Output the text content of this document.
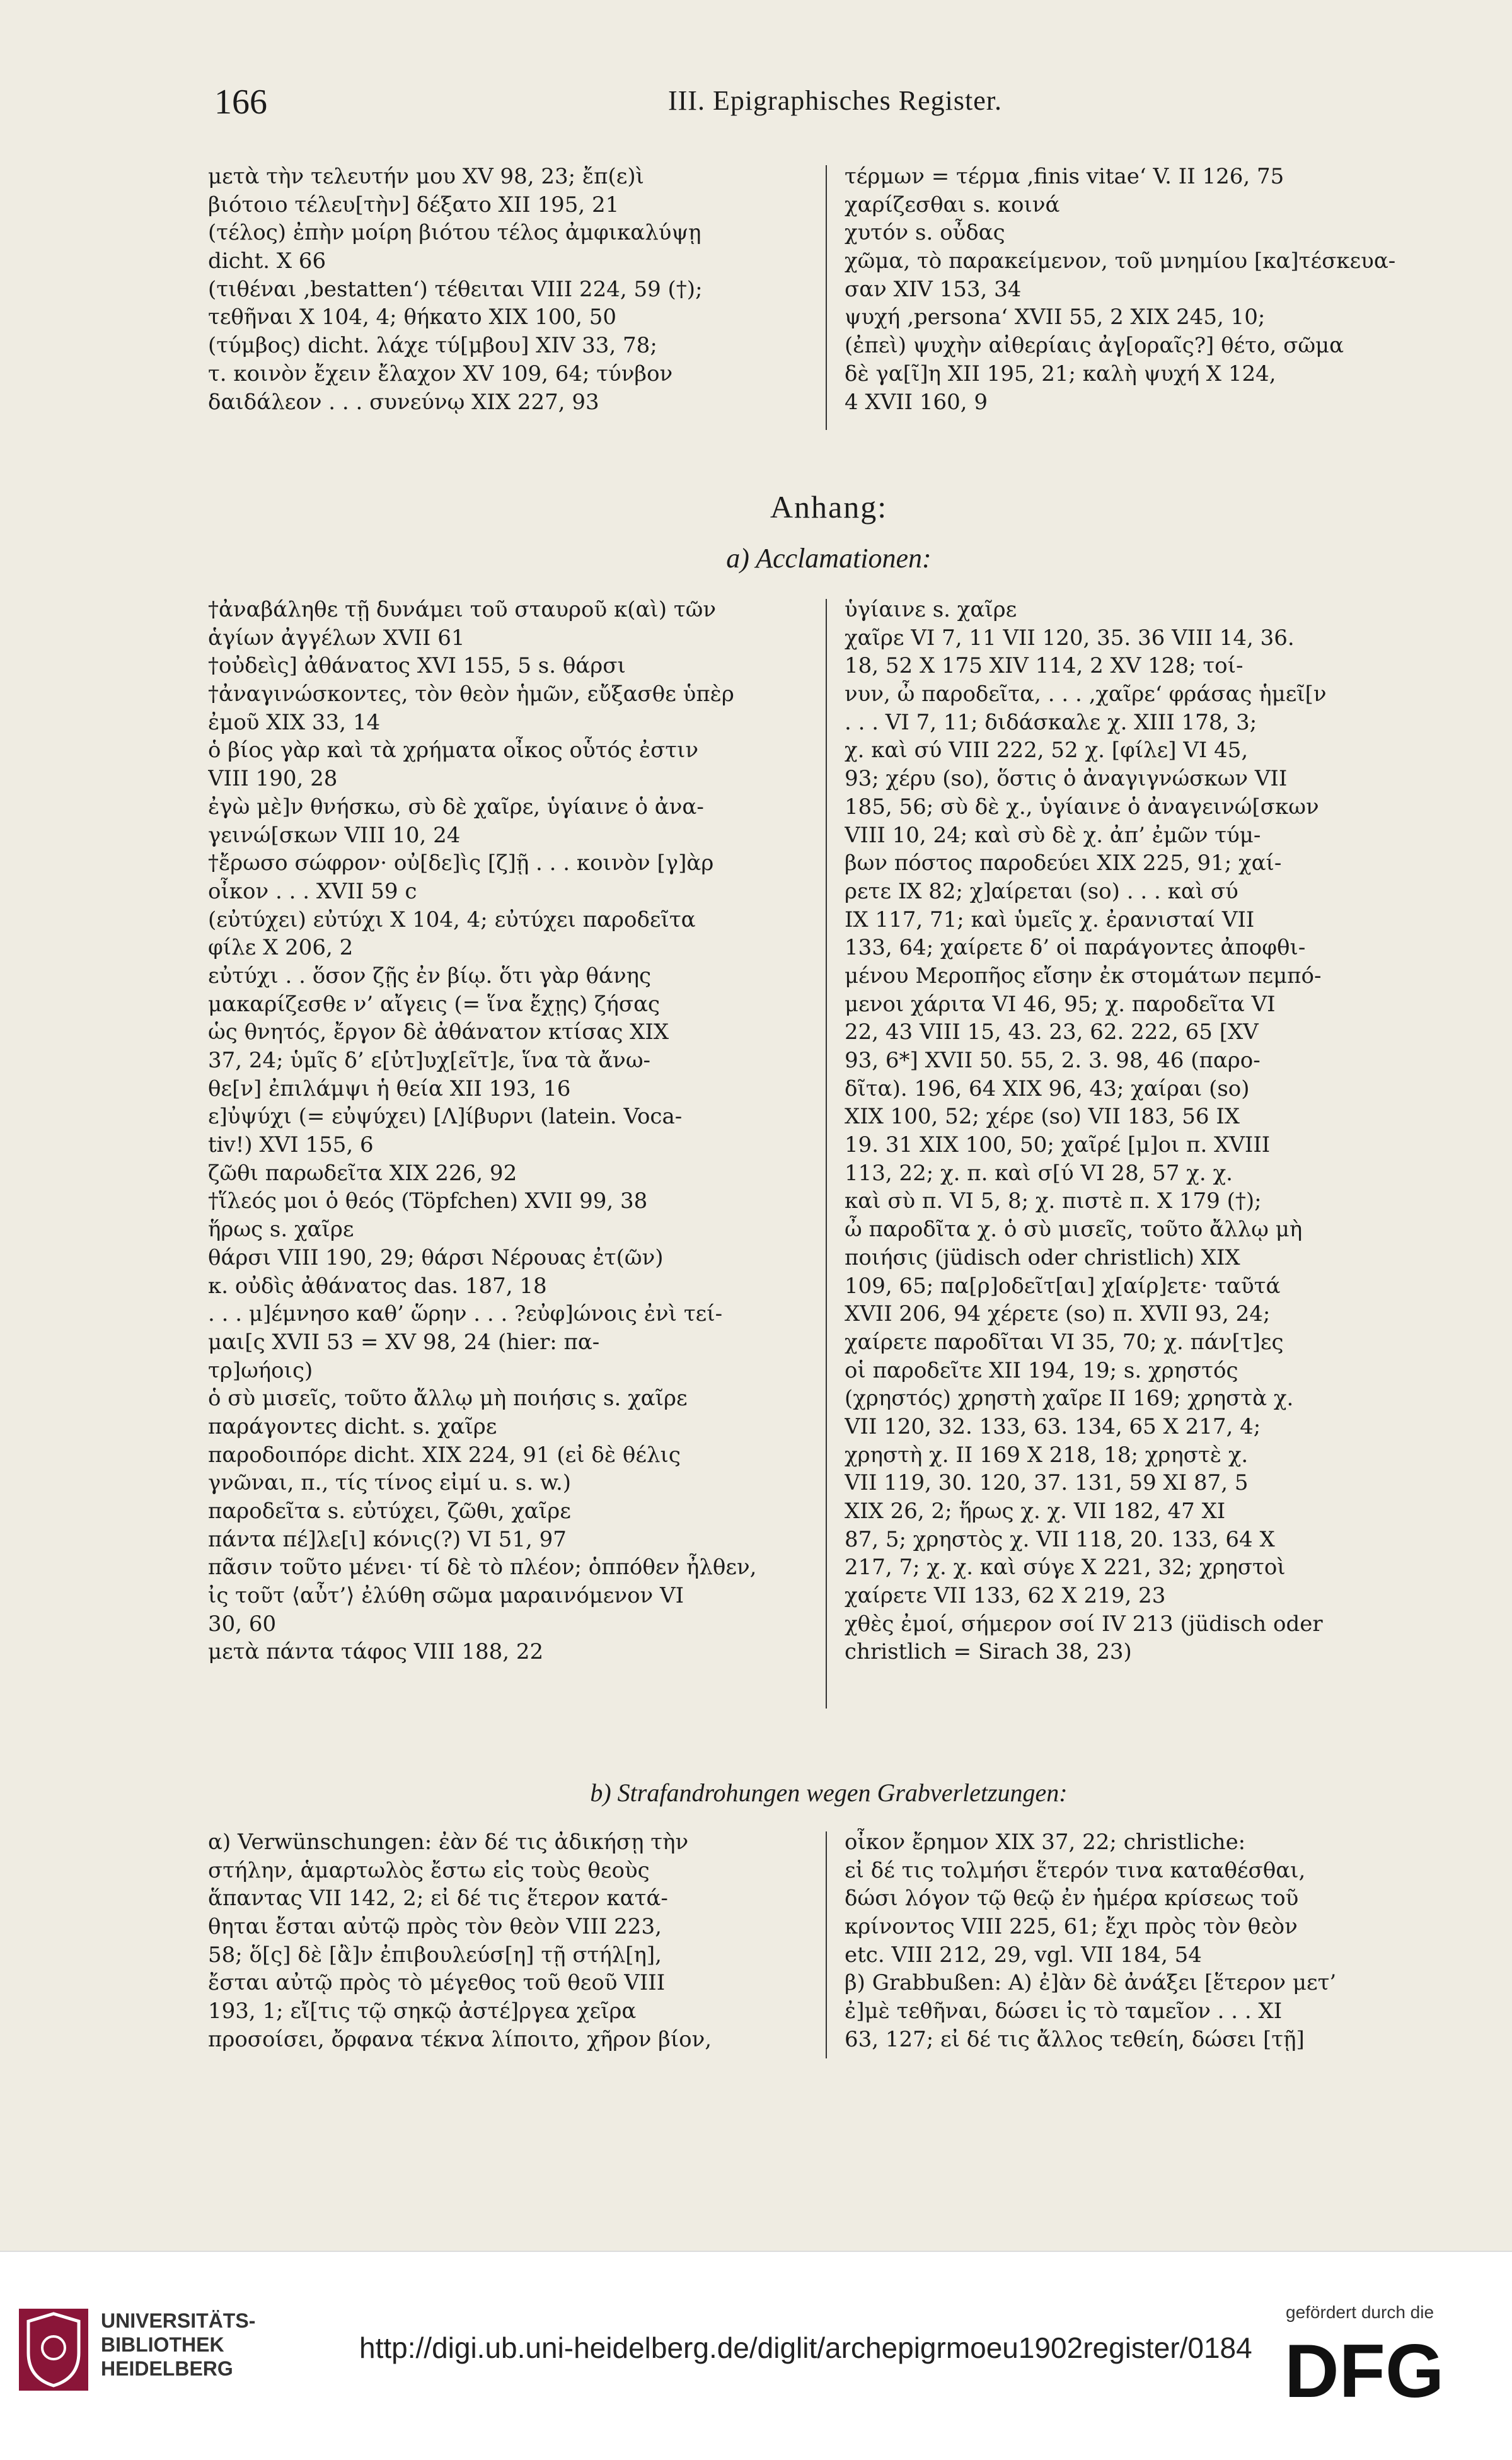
166	III. Epigraphisches Register.
μετὰ τὴν τελευτήν μου XV 98, 23; ἔπ(ε)ὶ
βιότοιο τέλευ[τὴν] δέξατο XII 195, 21
(τέλος) ἐπὴν μοίρη βιότου τέλος ἀμφικαλύψῃ
dicht. X 66
(τιθέναι ‚bestatten‘) τέθειται VIII 224, 59 (†);
τεθῆναι X 104, 4; θήκατο XIX 100, 50
(τύμβος) dicht. λάχε τύ[μβου] XIV 33, 78;
τ. κοινὸν ἔχειν ἔλαχον XV 109, 64; τύνβον
δαιδάλεον . . . συνεύνῳ XIX 227, 93
τέρμων = τέρμα ‚finis vitae‘ V. II 126, 75
χαρίζεσθαι s. κοινά
χυτόν s. οὖδας
χῶμα, τὸ παρακείμενον, τοῦ μνημίου [κα]τέσκευα-
σαν XIV 153, 34
ψυχή ‚persona‘ XVII 55, 2 XIX 245, 10;
(ἐπεὶ) ψυχὴν αἰθερίαις ἀγ[οραῖς?] θέτο, σῶμα
δὲ γα[ῖ]η XII 195, 21; καλὴ ψυχή X 124,
4 XVII 160, 9
Anhang:
a) Acclamationen:
†ἀναβάληθε τῇ δυνάμει τοῦ σταυροῦ κ(αὶ) τῶν
ἁγίων ἀγγέλων XVII 61
†οὐδεὶς] ἀθάνατος XVI 155, 5 s. θάρσι
†ἀναγινώσκοντες, τὸν θεὸν ἡμῶν, εὔξασθε ὑπὲρ
ἐμοῦ XIX 33, 14
ὁ βίος γὰρ καὶ τὰ χρήματα οἶκος οὗτός ἐστιν
VIII 190, 28
ἐγὼ μὲ]ν θνήσκω, σὺ δὲ χαῖρε, ὑγίαινε ὁ ἀνα-
γεινώ[σκων VIII 10, 24
†ἔρωσο σώφρον· οὐ[δε]ὶς [ζ]ῇ . . . κοινὸν [γ]ὰρ
οἶκον . . . XVII 59 c
(εὐτύχει) εὐτύχι X 104, 4; εὐτύχει παροδεῖτα
φίλε X 206, 2
εὐτύχι . . ὅσον ζῇς ἐν βίῳ. ὅτι γὰρ θάνης
μακαρίζεσθε ν’ αἴγεις (= ἵνα ἔχῃς) ζήσας
ὡς θνητός, ἔργον δὲ ἀθάνατον κτίσας XIX
37, 24; ὑμῖς δ’ ε[ὐτ]υχ[εῖτ]ε, ἵνα τὰ ἄνω-
θε[ν] ἐπιλάμψι ἡ θεία XII 193, 16
ε]ὐψύχι (= εὐψύχει) [Λ]ίβυρνι (latein. Voca-
tiv!) XVI 155, 6
ζῶθι παρωδεῖτα XIX 226, 92
†ἵλεός μοι ὁ θεός (Töpfchen) XVII 99, 38
ἥρως s. χαῖρε
θάρσι VIII 190, 29; θάρσι Νέρουας ἐτ(ῶν)
κ. οὐδὶς ἀθάνατος das. 187, 18
. . . μ]έμνησο καθ’ ὥρην . . . ?εὐφ]ώνοις ἐνὶ τεί-
μαι[ς XVII 53 = XV 98, 24 (hier: πα-
τρ]ωήοις)
ὁ σὺ μισεῖς, τοῦτο ἄλλῳ μὴ ποιήσις s. χαῖρε
παράγοντες dicht. s. χαῖρε
παροδοιπόρε dicht. XIX 224, 91 (εἰ δὲ θέλις
γνῶναι, π., τίς τίνος εἰμί u. s. w.)
παροδεῖτα s. εὐτύχει, ζῶθι, χαῖρε
πάντα πέ]λε[ι] κόνις(?) VI 51, 97
πᾶσιν τοῦτο μένει· τί δὲ τὸ πλέον; ὁππόθεν ἦλθεν,
ἰς τοῦτ ⟨αὖτ’⟩ ἐλύθη σῶμα μαραινόμενον VI
30, 60
μετὰ πάντα τάφος VIII 188, 22
ὑγίαινε s. χαῖρε
χαῖρε VI 7, 11 VII 120, 35. 36 VIII 14, 36.
18, 52 X 175 XIV 114, 2 XV 128; τοί-
νυν, ὦ παροδεῖτα, . . . ‚χαῖρε‘ φράσας ἡμεῖ[ν
. . . VI 7, 11; διδάσκαλε χ. XIII 178, 3;
χ. καὶ σύ VIII 222, 52 χ. [φίλε] VI 45,
93; χέρυ (so), ὅστις ὁ ἀναγιγνώσκων VII
185, 56; σὺ δὲ χ., ὑγίαινε ὁ ἀναγεινώ[σκων
VIII 10, 24; καὶ σὺ δὲ χ. ἀπ’ ἐμῶν τύμ-
βων πόστος παροδεύει XIX 225, 91; χαί-
ρετε IX 82; χ]αίρεται (so) . . . καὶ σύ
IX 117, 71; καὶ ὑμεῖς χ. ἐρανισταί VII
133, 64; χαίρετε δ’ οἱ παράγοντες ἀποφθι-
μένου Μεροπῆος εἴσην ἐκ στομάτων πεμπό-
μενοι χάριτα VI 46, 95; χ. παροδεῖτα VI
22, 43 VIII 15, 43. 23, 62. 222, 65 [XV
93, 6*] XVII 50. 55, 2. 3. 98, 46 (παρο-
δῖτα). 196, 64 XIX 96, 43; χαίραι (so)
XIX 100, 52; χέρε (so) VII 183, 56 IX
19. 31 XIX 100, 50; χαῖρέ [μ]οι π. XVIII
113, 22; χ. π. καὶ σ[ύ VI 28, 57 χ. χ.
καὶ σὺ π. VI 5, 8; χ. πιστὲ π. X 179 (†);
ὦ παροδῖτα χ. ὁ σὺ μισεῖς, τοῦτο ἄλλῳ μὴ
ποιήσις (jüdisch oder christlich) XIX
109, 65; πα[ρ]οδεῖτ[αι] χ[αίρ]ετε· ταῦτά
XVII 206, 94 χέρετε (so) π. XVII 93, 24;
χαίρετε παροδῖται VI 35, 70; χ. πάν[τ]ες
οἱ παροδεῖτε XII 194, 19; s. χρηστός
(χρηστός) χρηστὴ χαῖρε II 169; χρηστὰ χ.
VII 120, 32. 133, 63. 134, 65 X 217, 4;
χρηστὴ χ. II 169 X 218, 18; χρηστὲ χ.
VII 119, 30. 120, 37. 131, 59 XI 87, 5
XIX 26, 2; ἥρως χ. χ. VII 182, 47 XI
87, 5; χρηστὸς χ. VII 118, 20. 133, 64 X
217, 7; χ. χ. καὶ σύγε X 221, 32; χρηστοὶ
χαίρετε VII 133, 62 X 219, 23
χθὲς ἐμοί, σήμερον σοί IV 213 (jüdisch oder
christlich = Sirach 38, 23)
b) Strafandrohungen wegen Grabverletzungen:
α) Verwünschungen: ἐὰν δέ τις ἀδικήσῃ τὴν
στήλην, ἁμαρτωλὸς ἔστω εἰς τοὺς θεοὺς
ἅπαντας VII 142, 2; εἰ δέ τις ἕτερον κατά-
θηται ἔσται αὐτῷ πρὸς τὸν θεὸν VIII 223,
58; ὅ[ς] δὲ [ἂ]ν ἐπιβουλεύσ[η] τῇ στήλ[η],
ἔσται αὐτῷ πρὸς τὸ μέγεθος τοῦ θεοῦ VIII
193, 1; εἴ[τις τῷ σηκῷ ἀστέ]ργεα χεῖρα
προσοίσει, ὄρφανα τέκνα λίποιτο, χῆρον βίον,
οἶκον ἔρημον XIX 37, 22; christliche:
εἰ δέ τις τολμήσι ἕτερόν τινα καταθέσθαι,
δώσι λόγον τῷ θεῷ ἐν ἡμέρα κρίσεως τοῦ
κρίνοντος VIII 225, 61; ἔχι πρὸς τὸν θεὸν
etc. VIII 212, 29, vgl. VII 184, 54
β) Grabbußen: A) ἐ]ὰν δὲ ἀνάξει [ἕτερον μετ’
ἐ]μὲ τεθῆναι, δώσει ἰς τὸ ταμεῖον . . . XI
63, 127; εἰ δέ τις ἄλλος τεθείη, δώσει [τῇ]
UNIVERSITÄTS-
BIBLIOTHEK
HEIDELBERG
http://digi.ub.uni-heidelberg.de/diglit/archepigrmoeu1902register/0184
gefördert durch die
DFG
